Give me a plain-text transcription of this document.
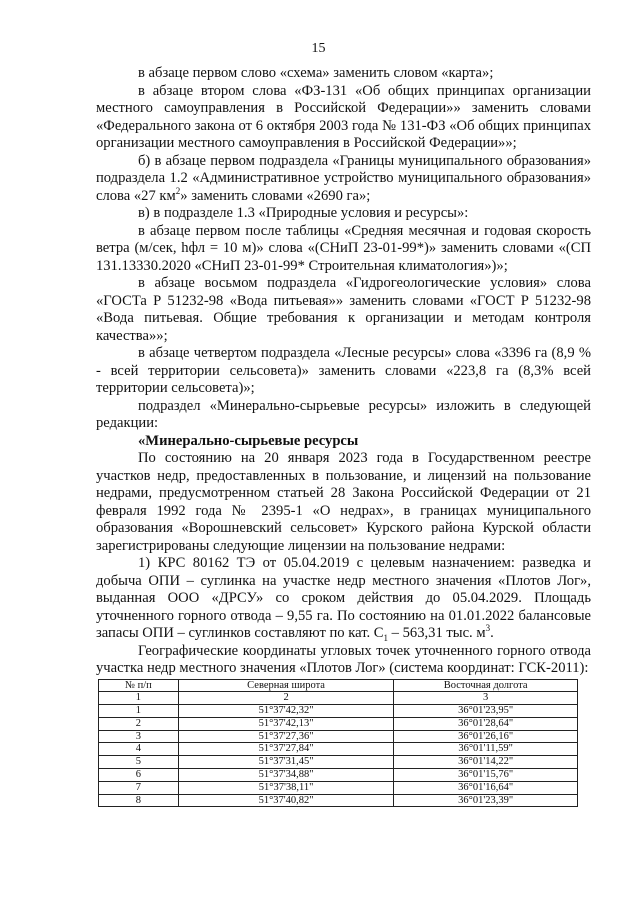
15

в абзаце первом слово «схема» заменить словом «карта»;

в абзаце втором слова «ФЗ-131 «Об общих принципах организации местного самоуправления в Российской Федерации»» заменить словами «Федерального закона от 6 октября 2003 года № 131-ФЗ «Об общих принципах организации местного самоуправления в Российской Федерации»»;

б) в абзаце первом подраздела «Границы муниципального образования» подраздела 1.2 «Административное устройство муниципального образования» слова «27 $км^2$» заменить словами «2690 га»;

в) в подразделе 1.3 «Природные условия и ресурсы»:

в абзаце первом после таблицы «Средняя месячная и годовая скорость ветра (м/сек, hфл = 10 м)» слова «(СНиП 23-01-99*)» заменить словами «(СП 131.13330.2020 «СНиП 23-01-99* Строительная климатология»)»;

в абзаце восьмом подраздела «Гидрогеологические условия» слова «ГОСТа Р 51232-98 «Вода питьевая»» заменить словами «ГОСТ Р 51232-98 «Вода питьевая. Общие требования к организации и методам контроля качества»»;

в абзаце четвертом подраздела «Лесные ресурсы» слова «3396 га (8,9 % - всей территории сельсовета)» заменить словами «223,8 га (8,3% всей территории сельсовета)»;

подраздел «Минерально-сырьевые ресурсы» изложить в следующей редакции:

«Минерально-сырьевые ресурсы

По состоянию на 20 января 2023 года в Государственном реестре участков недр, предоставленных в пользование, и лицензий на пользование недрами, предусмотренном статьей 28 Закона Российской Федерации от 21 февраля 1992 года № 2395-1 «О недрах», в границах муниципального образования «Ворошневский сельсовет» Курского района Курской области зарегистрированы следующие лицензии на пользование недрами:

1) КРС 80162 ТЭ от 05.04.2019 с целевым назначением: разведка и добыча ОПИ – суглинка на участке недр местного значения «Плотов Лог», выданная ООО «ДРСУ» со сроком действия до 05.04.2029. Площадь уточненного горного отвода – 9,55 га. По состоянию на 01.01.2022 балансовые запасы ОПИ – суглинков составляют по кат. $С_1 - 563,31$ тыс. $м^3$.

Географические координаты угловых точек уточненного горного отвода участка недр местного значения «Плотов Лог» (система координат: ГСК-2011):

№ п/п	Северная широта	Восточная долгота
1	2	3
1	51°37'42,32"	36°01'23,95"
2	51°37'42,13"	36°01'28,64"
3	51°37'27,36"	36°01'26,16"
4	51°37'27,84"	36°01'11,59"
5	51°37'31,45"	36°01'14,22"
6	51°37'34,88"	36°01'15,76"
7	51°37'38,11"	36°01'16,64"
8	51°37'40,82"	36°01'23,39"
